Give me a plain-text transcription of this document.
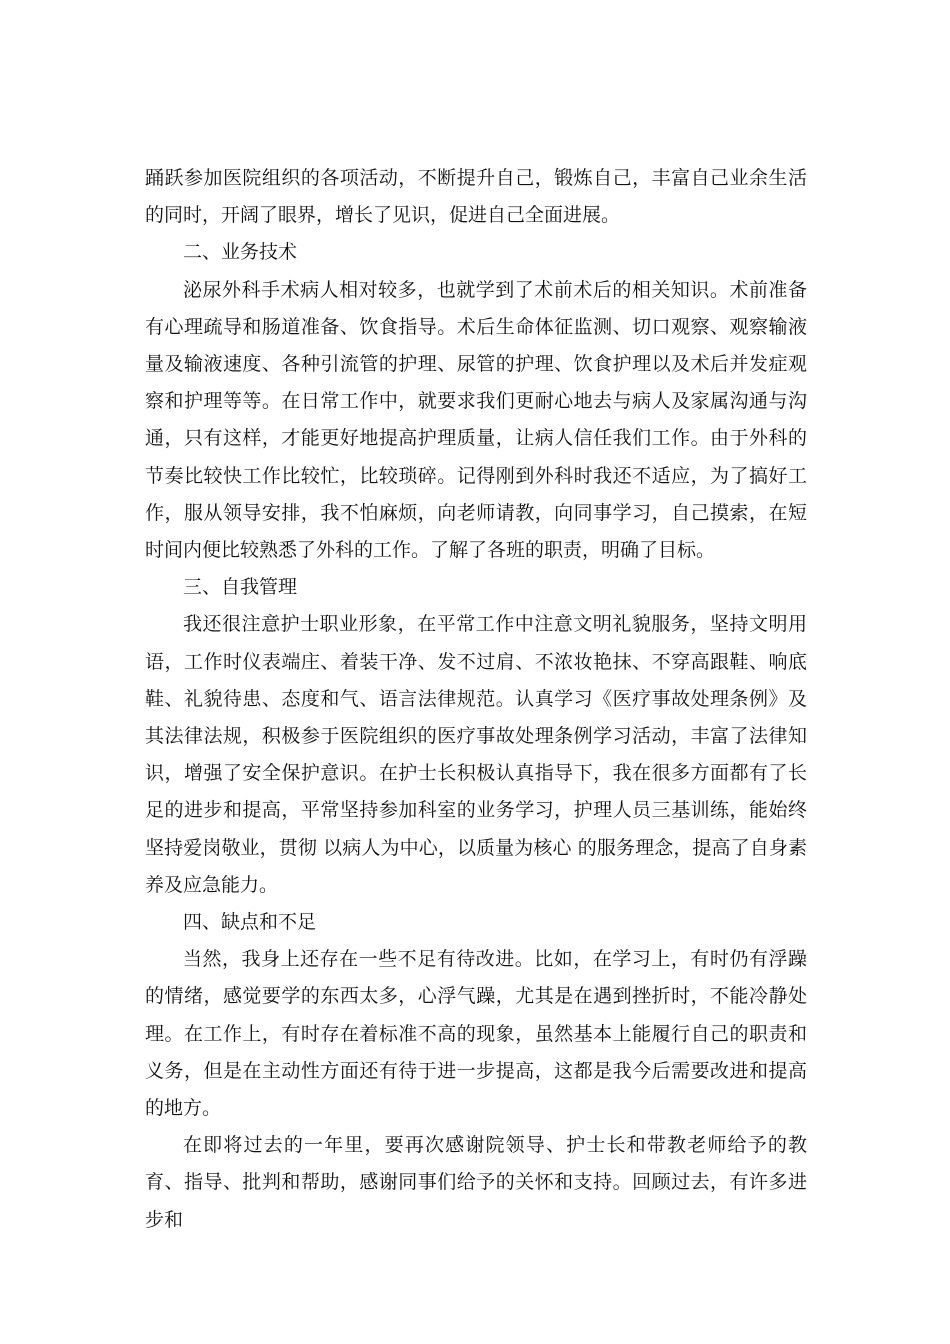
踊跃参加医院组织的各项活动，不断提升自己，锻炼自己，丰富自己业余生活的同时，开阔了眼界，增长了见识，促进自己全面进展。

二、业务技术

泌尿外科手术病人相对较多，也就学到了术前术后的相关知识。术前准备有心理疏导和肠道准备、饮食指导。术后生命体征监测、切口观察、观察输液量及输液速度、各种引流管的护理、尿管的护理、饮食护理以及术后并发症观察和护理等等。在日常工作中，就要求我们更耐心地去与病人及家属沟通与沟通，只有这样，才能更好地提高护理质量，让病人信任我们工作。由于外科的节奏比较快工作比较忙，比较琐碎。记得刚到外科时我还不适应，为了搞好工作，服从领导安排，我不怕麻烦，向老师请教，向同事学习，自己摸索，在短时间内便比较熟悉了外科的工作。了解了各班的职责，明确了目标。

三、自我管理

我还很注意护士职业形象，在平常工作中注意文明礼貌服务，坚持文明用语，工作时仪表端庄、着装干净、发不过肩、不浓妆艳抹、不穿高跟鞋、响底鞋、礼貌待患、态度和气、语言法律规范。认真学习《医疗事故处理条例》及其法律法规，积极参于医院组织的医疗事故处理条例学习活动，丰富了法律知识，增强了安全保护意识。在护士长积极认真指导下，我在很多方面都有了长足的进步和提高，平常坚持参加科室的业务学习，护理人员三基训练，能始终坚持爱岗敬业，贯彻 以病人为中心，以质量为核心 的服务理念，提高了自身素养及应急能力。

四、缺点和不足

当然，我身上还存在一些不足有待改进。比如，在学习上，有时仍有浮躁的情绪，感觉要学的东西太多，心浮气躁，尤其是在遇到挫折时，不能冷静处理。在工作上，有时存在着标准不高的现象，虽然基本上能履行自己的职责和义务，但是在主动性方面还有待于进一步提高，这都是我今后需要改进和提高的地方。

在即将过去的一年里，要再次感谢院领导、护士长和带教老师给予的教育、指导、批判和帮助，感谢同事们给予的关怀和支持。回顾过去，有许多进步和
